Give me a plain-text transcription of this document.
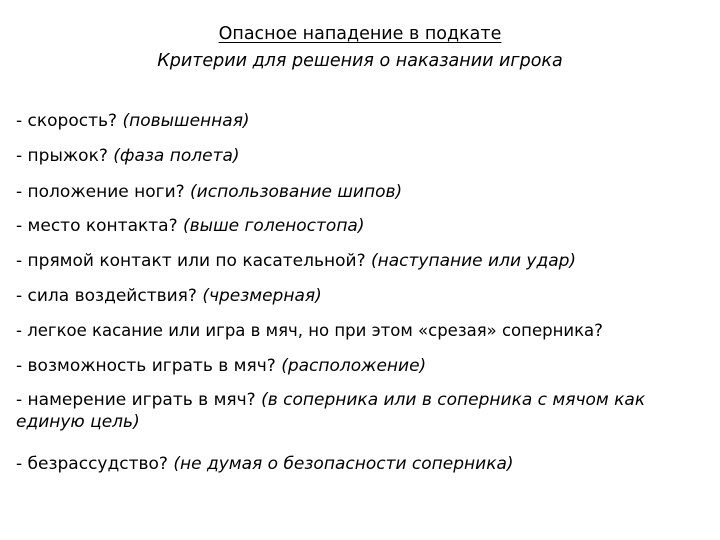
Опасное нападение в подкате
Критерии для решения о наказании игрока
- скорость? (повышенная)
- прыжок? (фаза полета)
- положение ноги? (использование шипов)
- место контакта? (выше голеностопа)
- прямой контакт или по касательной? (наступание или удар)
- сила воздействия? (чрезмерная)
- легкое касание или игра в мяч, но при этом «срезая» соперника?
- возможность играть в мяч? (расположение)
- намерение играть в мяч? (в соперника или в соперника с мячом как единую цель)
- безрассудство? (не думая о безопасности соперника)
